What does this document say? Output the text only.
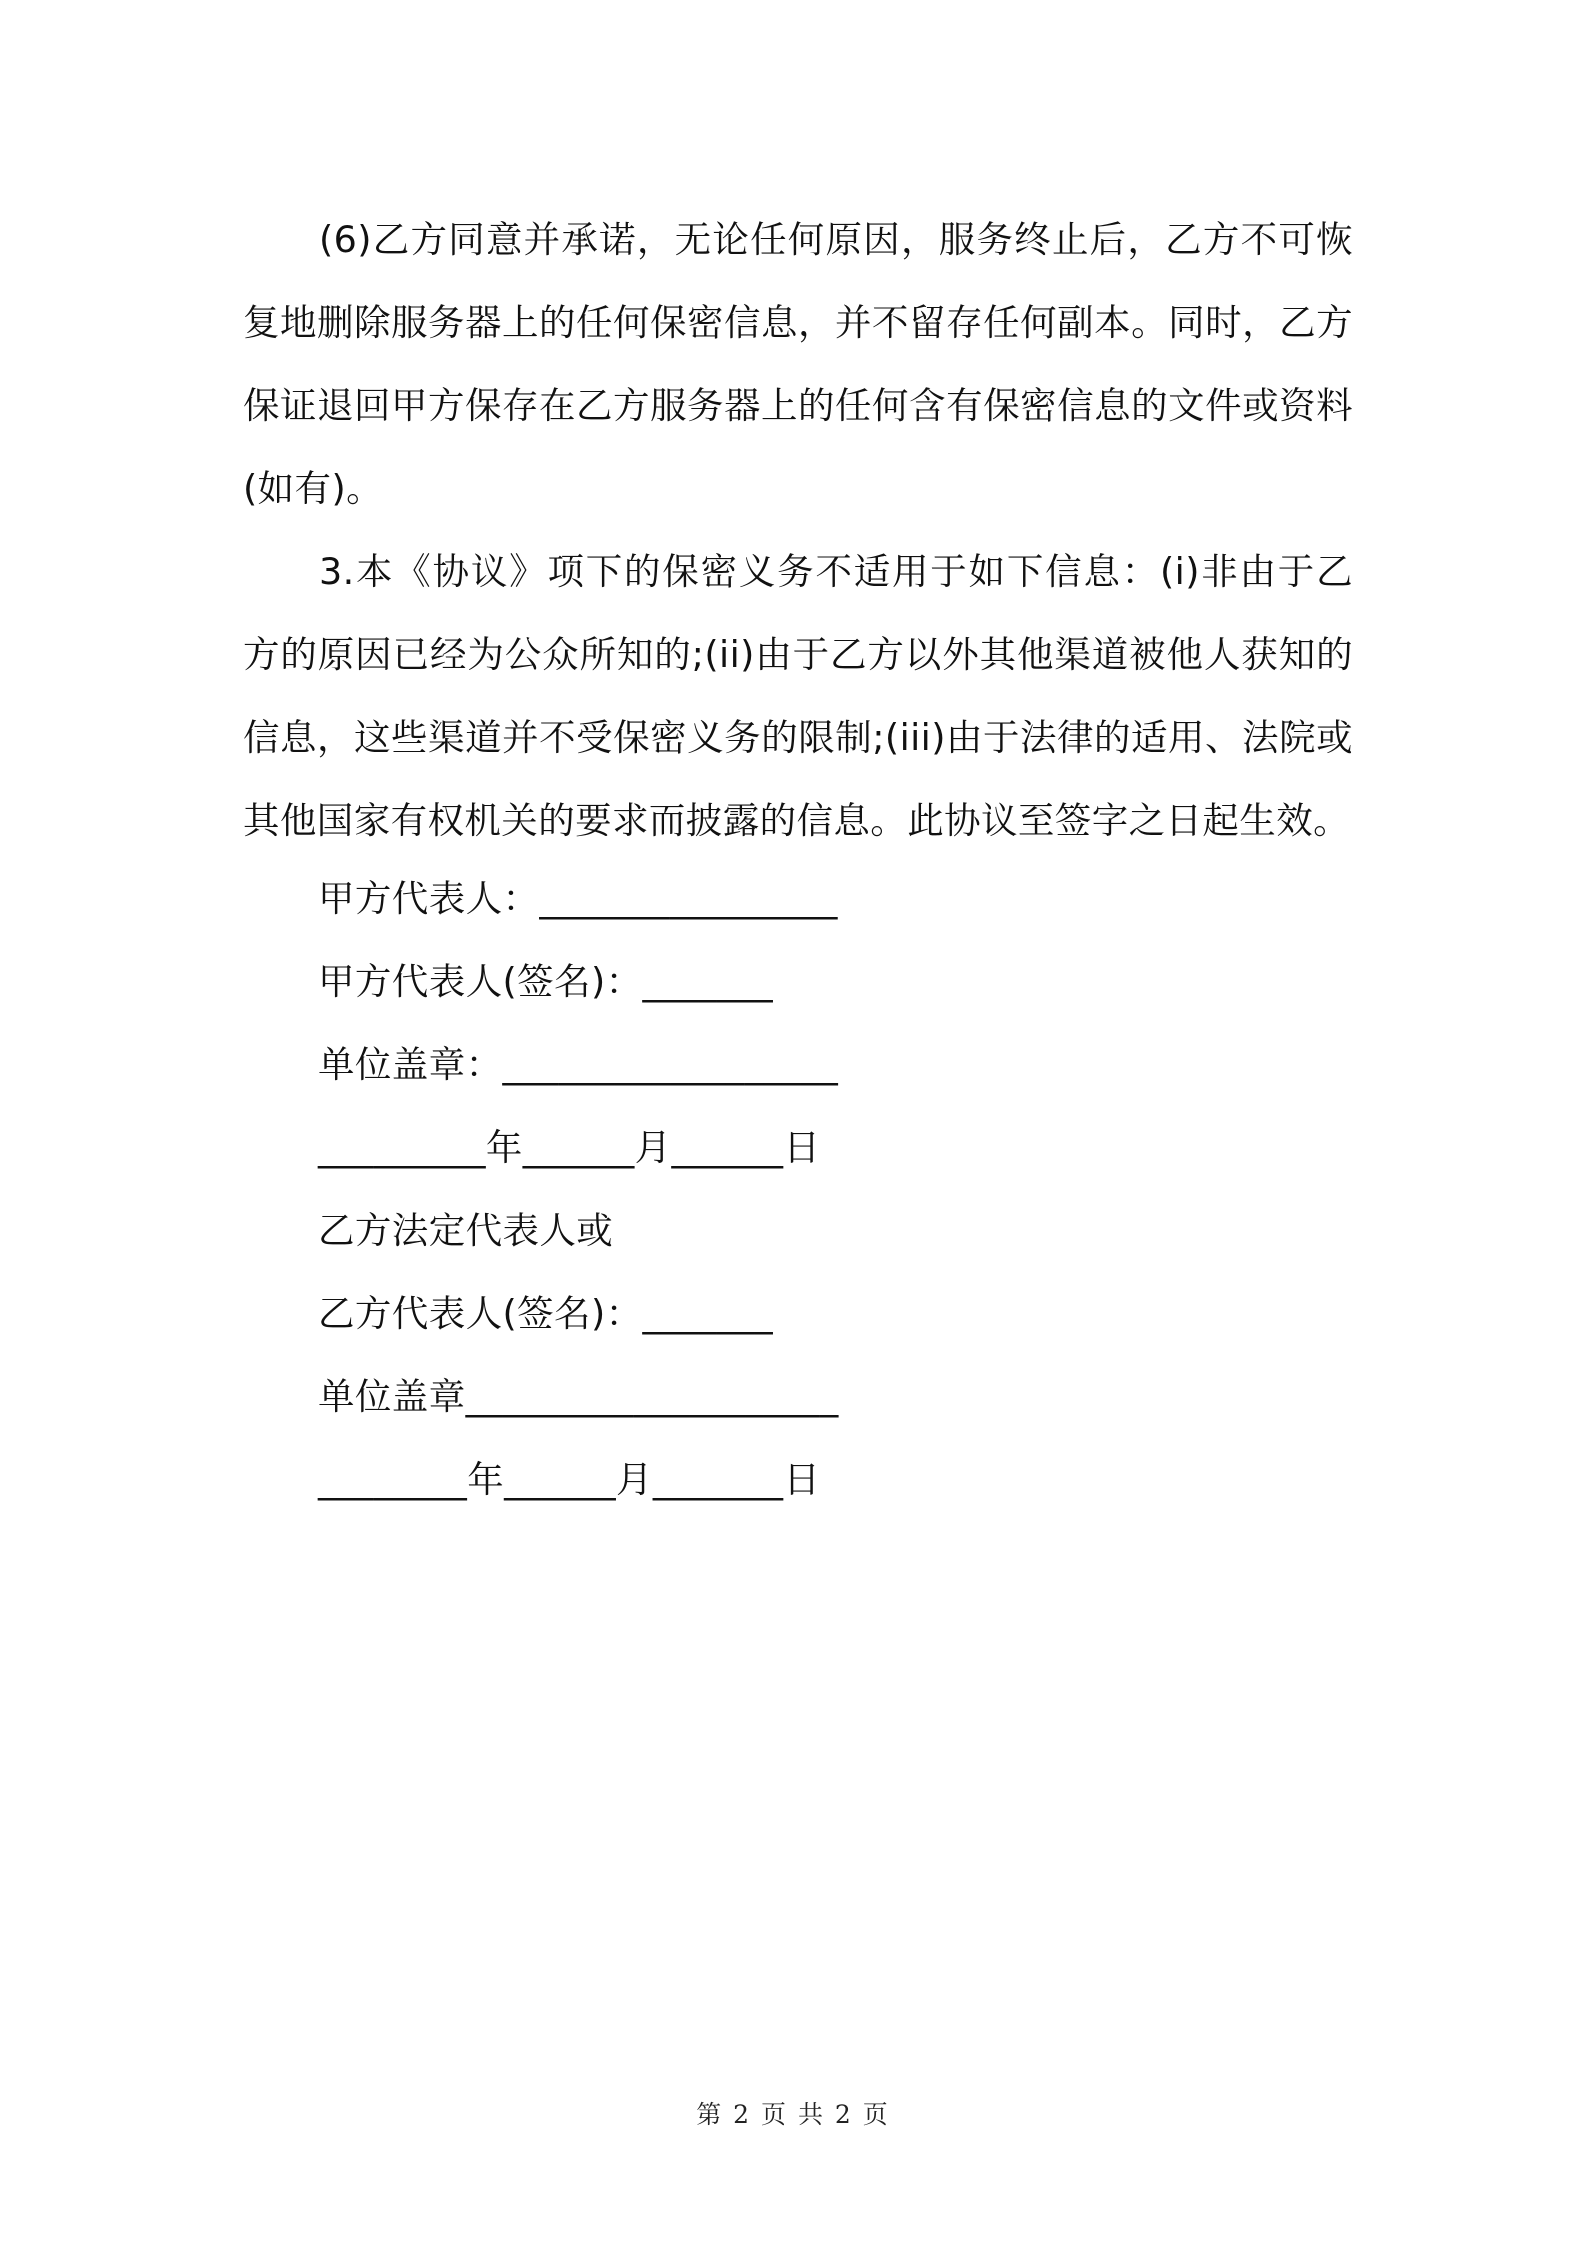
(6)乙方同意并承诺，无论任何原因，服务终止后，乙方不可恢复地删除服务器上的任何保密信息，并不留存任何副本。同时，乙方保证退回甲方保存在乙方服务器上的任何含有保密信息的文件或资料(如有)。

3.本《协议》项下的保密义务不适用于如下信息：(i)非由于乙方的原因已经为公众所知的;(ii)由于乙方以外其他渠道被他人获知的信息，这些渠道并不受保密义务的限制;(iii)由于法律的适用、法院或其他国家有权机关的要求而披露的信息。此协议至签字之日起生效。

甲方代表人：________________

甲方代表人(签名)：_______

单位盖章：__________________

_________年______月______日

乙方法定代表人或

乙方代表人(签名)：_______

单位盖章____________________

________年______月_______日

第 2 页 共 2 页
